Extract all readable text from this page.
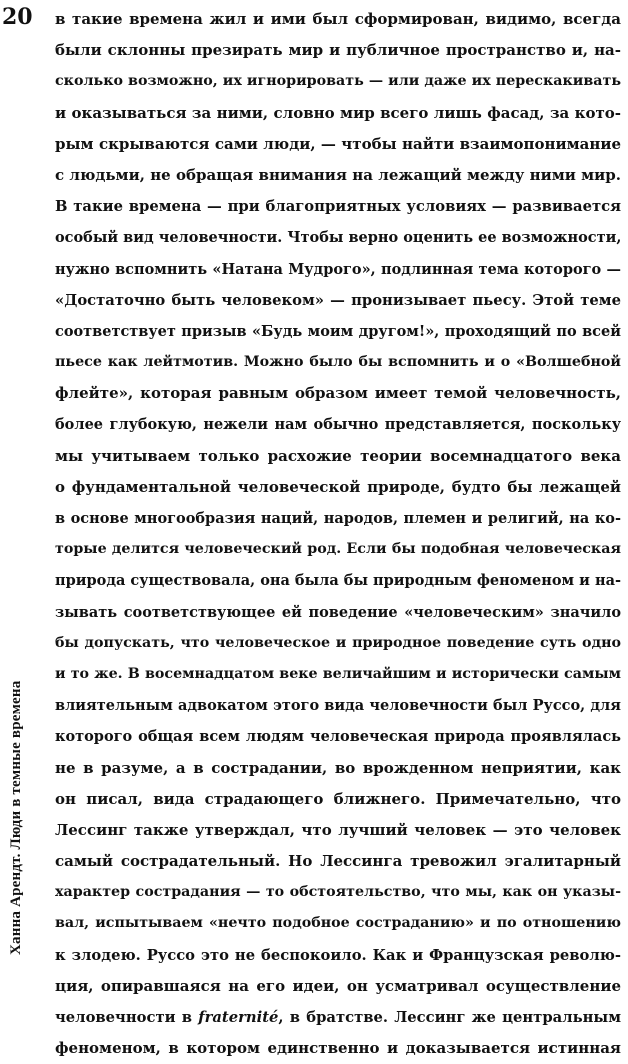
20
Ханна Арендт. Люди в темные времена
в такие времена жил и ими был сформирован, видимо, всегда
были склонны презирать мир и публичное пространство и, на-
сколько возможно, их игнорировать — или даже их перескакивать
и оказываться за ними, словно мир всего лишь фасад, за кото-
рым скрываются сами люди, — чтобы найти взаимопонимание
с людьми, не обращая внимания на лежащий между ними мир.
В такие времена — при благоприятных условиях — развивается
особый вид человечности. Чтобы верно оценить ее возможности,
нужно вспомнить «Натана Мудрого», подлинная тема которого —
«Достаточно быть человеком» — пронизывает пьесу. Этой теме
соответствует призыв «Будь моим другом!», проходящий по всей
пьесе как лейтмотив. Можно было бы вспомнить и о «Волшебной
флейте», которая равным образом имеет темой человечность,
более глубокую, нежели нам обычно представляется, поскольку
мы учитываем только расхожие теории восемнадцатого века
о фундаментальной человеческой природе, будто бы лежащей
в основе многообразия наций, народов, племен и религий, на ко-
торые делится человеческий род. Если бы подобная человеческая
природа существовала, она была бы природным феноменом и на-
зывать соответствующее ей поведение «человеческим» значило
бы допускать, что человеческое и природное поведение суть одно
и то же. В восемнадцатом веке величайшим и исторически самым
влиятельным адвокатом этого вида человечности был Руссо, для
которого общая всем людям человеческая природа проявлялась
не в разуме, а в сострадании, во врожденном неприятии, как
он писал, вида страдающего ближнего. Примечательно, что
Лессинг также утверждал, что лучший человек — это человек
самый сострадательный. Но Лессинга тревожил эгалитарный
характер сострадания — то обстоятельство, что мы, как он указы-
вал, испытываем «нечто подобное состраданию» и по отношению
к злодею. Руссо это не беспокоило. Как и Французская револю-
ция, опиравшаяся на его идеи, он усматривал осуществление
человечности в fraternité, в братстве. Лессинг же центральным
феноменом, в котором единственно и доказывается истинная
